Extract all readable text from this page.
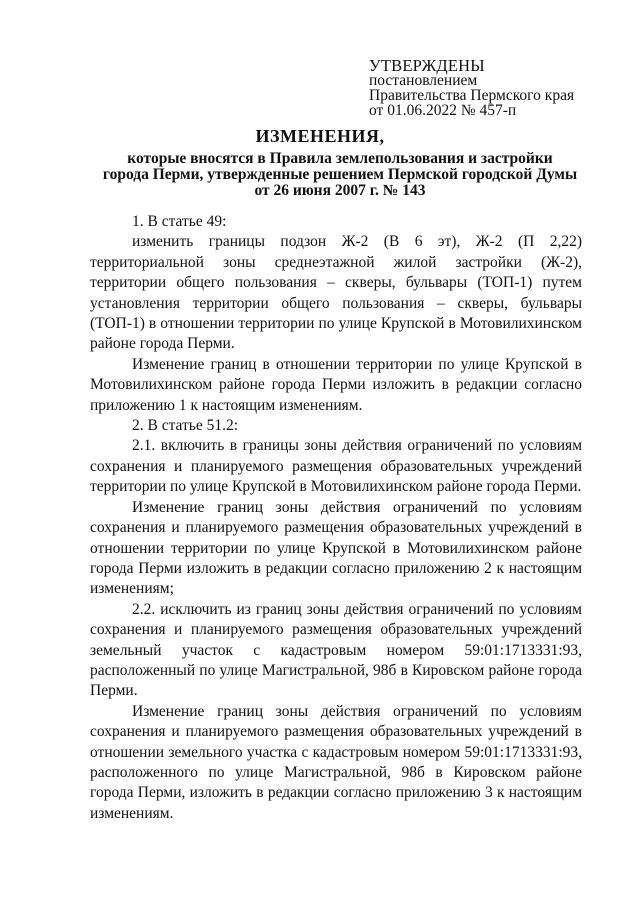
УТВЕРЖДЕНЫ
постановлением
Правительства Пермского края
от 01.06.2022 № 457-п
ИЗМЕНЕНИЯ,
которые вносятся в Правила землепользования и застройки
города Перми, утвержденные решением Пермской городской Думы
от 26 июня 2007 г. № 143

1. В статье 49:

изменить границы подзон Ж-2 (В 6 эт), Ж-2 (П 2,22) территориальной зоны среднеэтажной жилой застройки (Ж-2), территории общего пользования – скверы, бульвары (ТОП-1) путем установления территории общего пользования – скверы, бульвары (ТОП-1) в отношении территории по улице Крупской в Мотовилихинском районе города Перми.

Изменение границ в отношении территории по улице Крупской в Мотовилихинском районе города Перми изложить в редакции согласно приложению 1 к настоящим изменениям.

2. В статье 51.2:

2.1. включить в границы зоны действия ограничений по условиям сохранения и планируемого размещения образовательных учреждений территории по улице Крупской в Мотовилихинском районе города Перми.

Изменение границ зоны действия ограничений по условиям сохранения и планируемого размещения образовательных учреждений в отношении территории по улице Крупской в Мотовилихинском районе города Перми изложить в редакции согласно приложению 2 к настоящим изменениям;

2.2. исключить из границ зоны действия ограничений по условиям сохранения и планируемого размещения образовательных учреждений земельный участок с кадастровым номером 59:01:1713331:93, расположенный по улице Магистральной, 98б в Кировском районе города Перми.

Изменение границ зоны действия ограничений по условиям сохранения и планируемого размещения образовательных учреждений в отношении земельного участка с кадастровым номером 59:01:1713331:93, расположенного по улице Магистральной, 98б в Кировском районе города Перми, изложить в редакции согласно приложению 3 к настоящим изменениям.
